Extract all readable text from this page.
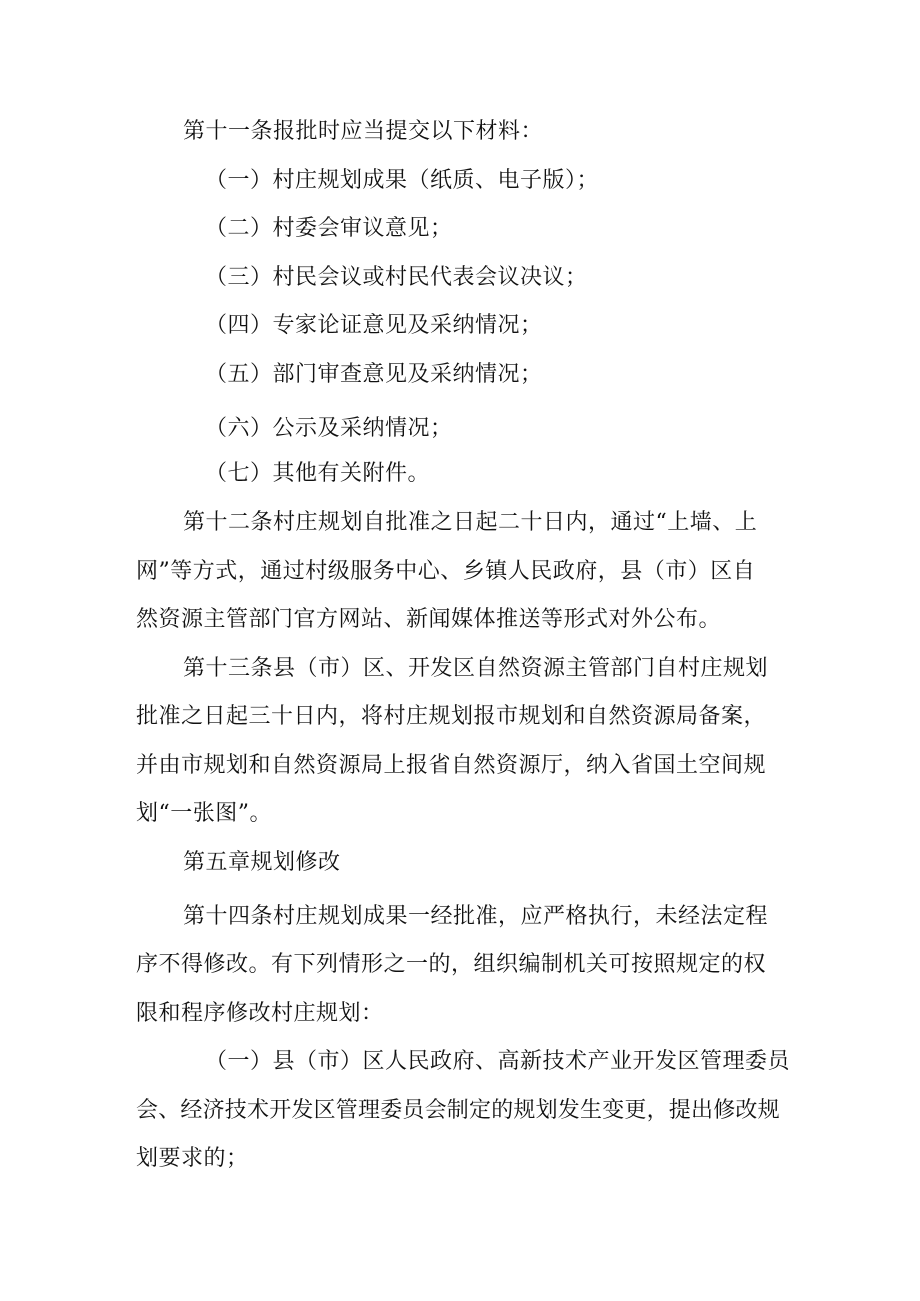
第十一条报批时应当提交以下材料：
（一）村庄规划成果（纸质、电子版）；
（二）村委会审议意见；
（三）村民会议或村民代表会议决议；
（四）专家论证意见及采纳情况；
（五）部门审查意见及采纳情况；
（六）公示及采纳情况；
（七）其他有关附件。
第十二条村庄规划自批准之日起二十日内，通过“上墙、上
网”等方式，通过村级服务中心、乡镇人民政府，县（市）区自
然资源主管部门官方网站、新闻媒体推送等形式对外公布。
第十三条县（市）区、开发区自然资源主管部门自村庄规划
批准之日起三十日内，将村庄规划报市规划和自然资源局备案，
并由市规划和自然资源局上报省自然资源厅，纳入省国土空间规
划“一张图”。
第五章规划修改
第十四条村庄规划成果一经批准，应严格执行，未经法定程
序不得修改。有下列情形之一的，组织编制机关可按照规定的权
限和程序修改村庄规划：
（一）县（市）区人民政府、高新技术产业开发区管理委员
会、经济技术开发区管理委员会制定的规划发生变更，提出修改规
划要求的；
